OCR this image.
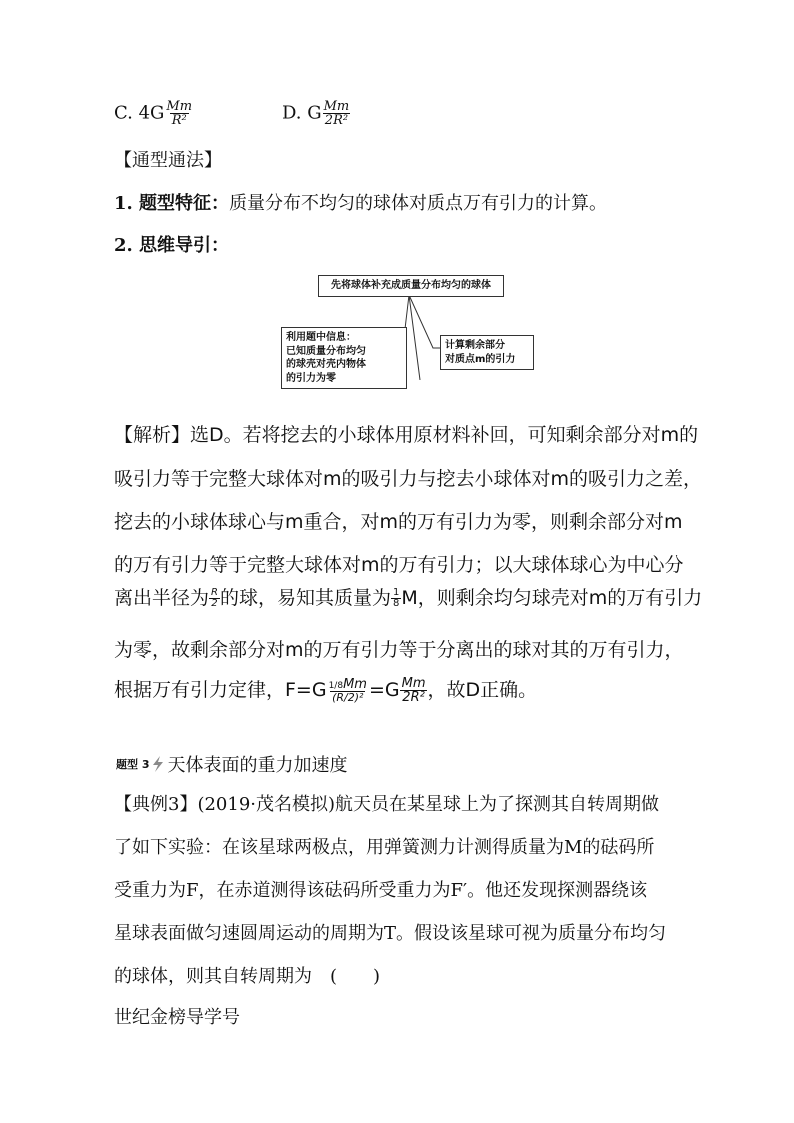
C. $4G \frac{Mm}{\text{R²}}$	D. G $\frac{Mm}{\text{2R²}}$
【通型通法】
1. 题型特征：质量分布不均匀的球体对质点万有引力的计算。
2. 思维导引：
先将球体补充成质量分布均匀的球体
利用题中信息：
已知质量分布均匀
的球壳对壳内物体
的引力为零
计算剩余部分
对质点m的引力
【解析】选D。若将挖去的小球体用原材料补回，可知剩余部分对m的
吸引力等于完整大球体对m的吸引力与挖去小球体对m的吸引力之差，
挖去的小球体球心与m重合，对m的万有引力为零，则剩余部分对m
的万有引力等于完整大球体对m的万有引力；以大球体球心为中心分
离出半径为 $\frac{R}{2}$ 的球，易知其质量为 $\frac{1}{8}$ M，则剩余均匀球壳对m的万有引力
为零，故剩余部分对m的万有引力等于分离出的球对其的万有引力，
根据万有引力定律，$F=G \frac{1/8Mm}{\text{(R/2)²}} =G \frac{Mm}{\text{2R²}}$ ，故D正确。
题型 3 天体表面的重力加速度
【典例3】(2019·茂名模拟)航天员在某星球上为了探测其自转周期做
了如下实验：在该星球两极点，用弹簧测力计测得质量为M的砝码所
受重力为F，在赤道测得该砝码所受重力为F′。他还发现探测器绕该
星球表面做匀速圆周运动的周期为T。假设该星球可视为质量分布均匀
的球体，则其自转周期为　(　　)
世纪金榜导学号
